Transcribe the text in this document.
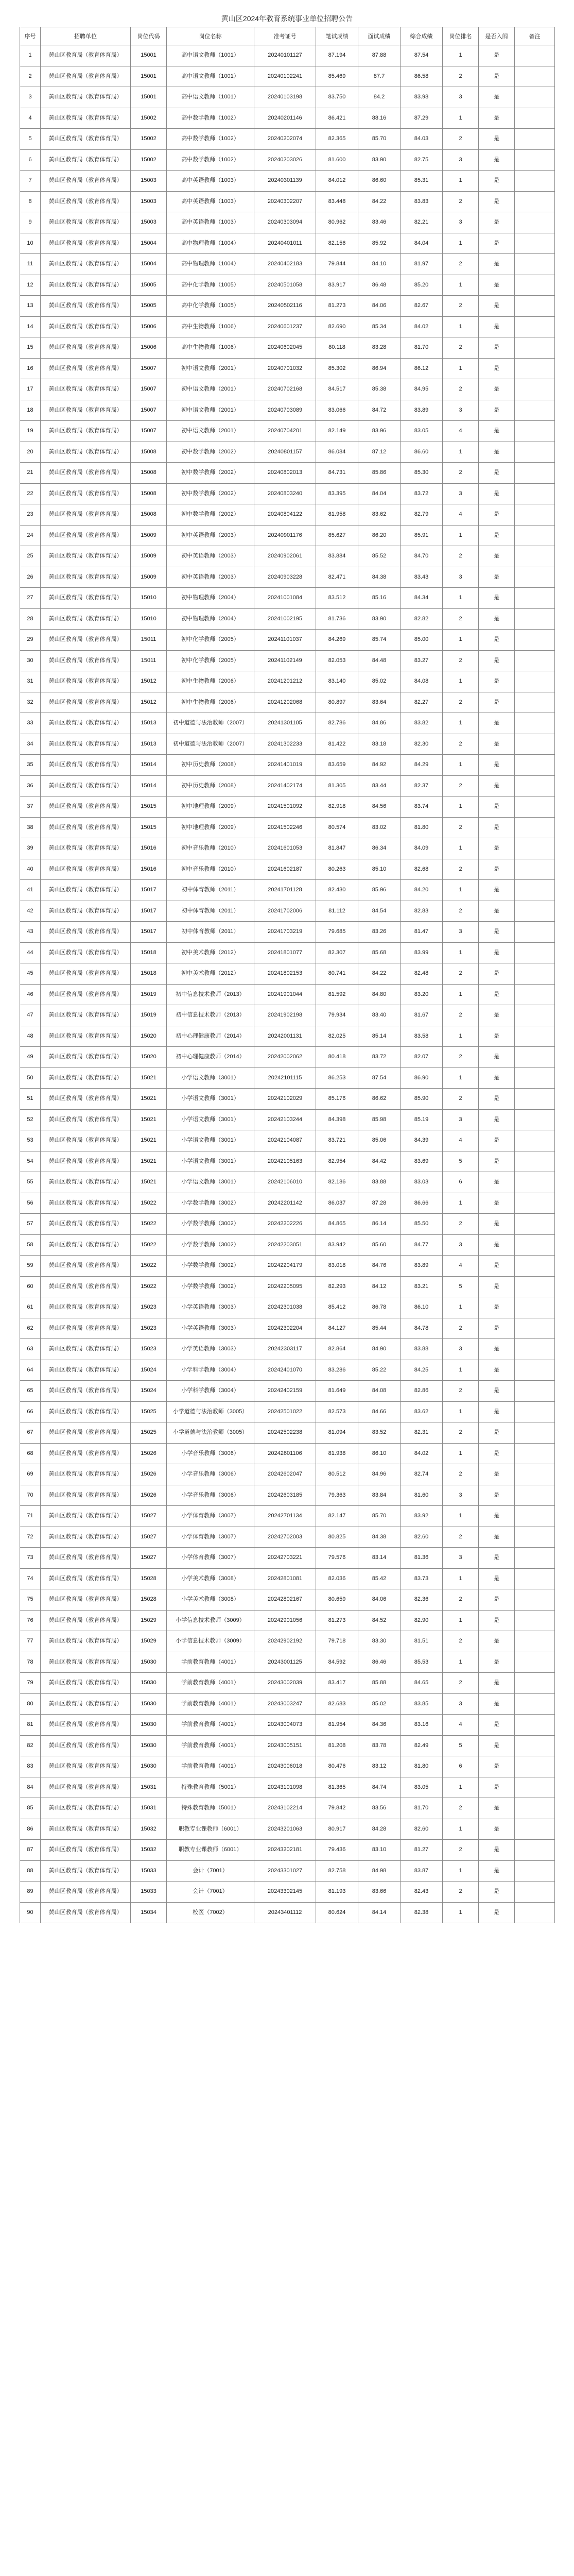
黄山区2024年教育系统事业单位招聘公告
序号	招聘单位	岗位代码	岗位名称	准考证号	笔试成绩	面试成绩	综合成绩	岗位排名	是否入闱	备注
1	黄山区教育局（教育体育局）	15001	高中语文教师（1001）	20240101127	87.194	87.88	87.54	1	是	
2	黄山区教育局（教育体育局）	15001	高中语文教师（1001）	20240102241	85.469	87.7	86.58	2	是	
3	黄山区教育局（教育体育局）	15001	高中语文教师（1001）	20240103198	83.750	84.2	83.98	3	是	
4	黄山区教育局（教育体育局）	15002	高中数学教师（1002）	20240201146	86.421	88.16	87.29	1	是	
5	黄山区教育局（教育体育局）	15002	高中数学教师（1002）	20240202074	82.365	85.70	84.03	2	是	
6	黄山区教育局（教育体育局）	15002	高中数学教师（1002）	20240203026	81.600	83.90	82.75	3	是	
7	黄山区教育局（教育体育局）	15003	高中英语教师（1003）	20240301139	84.012	86.60	85.31	1	是	
8	黄山区教育局（教育体育局）	15003	高中英语教师（1003）	20240302207	83.448	84.22	83.83	2	是	
9	黄山区教育局（教育体育局）	15003	高中英语教师（1003）	20240303094	80.962	83.46	82.21	3	是	
10	黄山区教育局（教育体育局）	15004	高中物理教师（1004）	20240401011	82.156	85.92	84.04	1	是	
11	黄山区教育局（教育体育局）	15004	高中物理教师（1004）	20240402183	79.844	84.10	81.97	2	是	
12	黄山区教育局（教育体育局）	15005	高中化学教师（1005）	20240501058	83.917	86.48	85.20	1	是	
13	黄山区教育局（教育体育局）	15005	高中化学教师（1005）	20240502116	81.273	84.06	82.67	2	是	
14	黄山区教育局（教育体育局）	15006	高中生物教师（1006）	20240601237	82.690	85.34	84.02	1	是	
15	黄山区教育局（教育体育局）	15006	高中生物教师（1006）	20240602045	80.118	83.28	81.70	2	是	
16	黄山区教育局（教育体育局）	15007	初中语文教师（2001）	20240701032	85.302	86.94	86.12	1	是	
17	黄山区教育局（教育体育局）	15007	初中语文教师（2001）	20240702168	84.517	85.38	84.95	2	是	
18	黄山区教育局（教育体育局）	15007	初中语文教师（2001）	20240703089	83.066	84.72	83.89	3	是	
19	黄山区教育局（教育体育局）	15007	初中语文教师（2001）	20240704201	82.149	83.96	83.05	4	是	
20	黄山区教育局（教育体育局）	15008	初中数学教师（2002）	20240801157	86.084	87.12	86.60	1	是	
21	黄山区教育局（教育体育局）	15008	初中数学教师（2002）	20240802013	84.731	85.86	85.30	2	是	
22	黄山区教育局（教育体育局）	15008	初中数学教师（2002）	20240803240	83.395	84.04	83.72	3	是	
23	黄山区教育局（教育体育局）	15008	初中数学教师（2002）	20240804122	81.958	83.62	82.79	4	是	
24	黄山区教育局（教育体育局）	15009	初中英语教师（2003）	20240901176	85.627	86.20	85.91	1	是	
25	黄山区教育局（教育体育局）	15009	初中英语教师（2003）	20240902061	83.884	85.52	84.70	2	是	
26	黄山区教育局（教育体育局）	15009	初中英语教师（2003）	20240903228	82.471	84.38	83.43	3	是	
27	黄山区教育局（教育体育局）	15010	初中物理教师（2004）	20241001084	83.512	85.16	84.34	1	是	
28	黄山区教育局（教育体育局）	15010	初中物理教师（2004）	20241002195	81.736	83.90	82.82	2	是	
29	黄山区教育局（教育体育局）	15011	初中化学教师（2005）	20241101037	84.269	85.74	85.00	1	是	
30	黄山区教育局（教育体育局）	15011	初中化学教师（2005）	20241102149	82.053	84.48	83.27	2	是	
31	黄山区教育局（教育体育局）	15012	初中生物教师（2006）	20241201212	83.140	85.02	84.08	1	是	
32	黄山区教育局（教育体育局）	15012	初中生物教师（2006）	20241202068	80.897	83.64	82.27	2	是	
33	黄山区教育局（教育体育局）	15013	初中道德与法治教师（2007）	20241301105	82.786	84.86	83.82	1	是	
34	黄山区教育局（教育体育局）	15013	初中道德与法治教师（2007）	20241302233	81.422	83.18	82.30	2	是	
35	黄山区教育局（教育体育局）	15014	初中历史教师（2008）	20241401019	83.659	84.92	84.29	1	是	
36	黄山区教育局（教育体育局）	15014	初中历史教师（2008）	20241402174	81.305	83.44	82.37	2	是	
37	黄山区教育局（教育体育局）	15015	初中地理教师（2009）	20241501092	82.918	84.56	83.74	1	是	
38	黄山区教育局（教育体育局）	15015	初中地理教师（2009）	20241502246	80.574	83.02	81.80	2	是	
39	黄山区教育局（教育体育局）	15016	初中音乐教师（2010）	20241601053	81.847	86.34	84.09	1	是	
40	黄山区教育局（教育体育局）	15016	初中音乐教师（2010）	20241602187	80.263	85.10	82.68	2	是	
41	黄山区教育局（教育体育局）	15017	初中体育教师（2011）	20241701128	82.430	85.96	84.20	1	是	
42	黄山区教育局（教育体育局）	15017	初中体育教师（2011）	20241702006	81.112	84.54	82.83	2	是	
43	黄山区教育局（教育体育局）	15017	初中体育教师（2011）	20241703219	79.685	83.26	81.47	3	是	
44	黄山区教育局（教育体育局）	15018	初中美术教师（2012）	20241801077	82.307	85.68	83.99	1	是	
45	黄山区教育局（教育体育局）	15018	初中美术教师（2012）	20241802153	80.741	84.22	82.48	2	是	
46	黄山区教育局（教育体育局）	15019	初中信息技术教师（2013）	20241901044	81.592	84.80	83.20	1	是	
47	黄山区教育局（教育体育局）	15019	初中信息技术教师（2013）	20241902198	79.934	83.40	81.67	2	是	
48	黄山区教育局（教育体育局）	15020	初中心理健康教师（2014）	20242001131	82.025	85.14	83.58	1	是	
49	黄山区教育局（教育体育局）	15020	初中心理健康教师（2014）	20242002062	80.418	83.72	82.07	2	是	
50	黄山区教育局（教育体育局）	15021	小学语文教师（3001）	20242101115	86.253	87.54	86.90	1	是	
51	黄山区教育局（教育体育局）	15021	小学语文教师（3001）	20242102029	85.176	86.62	85.90	2	是	
52	黄山区教育局（教育体育局）	15021	小学语文教师（3001）	20242103244	84.398	85.98	85.19	3	是	
53	黄山区教育局（教育体育局）	15021	小学语文教师（3001）	20242104087	83.721	85.06	84.39	4	是	
54	黄山区教育局（教育体育局）	15021	小学语文教师（3001）	20242105163	82.954	84.42	83.69	5	是	
55	黄山区教育局（教育体育局）	15021	小学语文教师（3001）	20242106010	82.186	83.88	83.03	6	是	
56	黄山区教育局（教育体育局）	15022	小学数学教师（3002）	20242201142	86.037	87.28	86.66	1	是	
57	黄山区教育局（教育体育局）	15022	小学数学教师（3002）	20242202226	84.865	86.14	85.50	2	是	
58	黄山区教育局（教育体育局）	15022	小学数学教师（3002）	20242203051	83.942	85.60	84.77	3	是	
59	黄山区教育局（教育体育局）	15022	小学数学教师（3002）	20242204179	83.018	84.76	83.89	4	是	
60	黄山区教育局（教育体育局）	15022	小学数学教师（3002）	20242205095	82.293	84.12	83.21	5	是	
61	黄山区教育局（教育体育局）	15023	小学英语教师（3003）	20242301038	85.412	86.78	86.10	1	是	
62	黄山区教育局（教育体育局）	15023	小学英语教师（3003）	20242302204	84.127	85.44	84.78	2	是	
63	黄山区教育局（教育体育局）	15023	小学英语教师（3003）	20242303117	82.864	84.90	83.88	3	是	
64	黄山区教育局（教育体育局）	15024	小学科学教师（3004）	20242401070	83.286	85.22	84.25	1	是	
65	黄山区教育局（教育体育局）	15024	小学科学教师（3004）	20242402159	81.649	84.08	82.86	2	是	
66	黄山区教育局（教育体育局）	15025	小学道德与法治教师（3005）	20242501022	82.573	84.66	83.62	1	是	
67	黄山区教育局（教育体育局）	15025	小学道德与法治教师（3005）	20242502238	81.094	83.52	82.31	2	是	
68	黄山区教育局（教育体育局）	15026	小学音乐教师（3006）	20242601106	81.938	86.10	84.02	1	是	
69	黄山区教育局（教育体育局）	15026	小学音乐教师（3006）	20242602047	80.512	84.96	82.74	2	是	
70	黄山区教育局（教育体育局）	15026	小学音乐教师（3006）	20242603185	79.363	83.84	81.60	3	是	
71	黄山区教育局（教育体育局）	15027	小学体育教师（3007）	20242701134	82.147	85.70	83.92	1	是	
72	黄山区教育局（教育体育局）	15027	小学体育教师（3007）	20242702003	80.825	84.38	82.60	2	是	
73	黄山区教育局（教育体育局）	15027	小学体育教师（3007）	20242703221	79.576	83.14	81.36	3	是	
74	黄山区教育局（教育体育局）	15028	小学美术教师（3008）	20242801081	82.036	85.42	83.73	1	是	
75	黄山区教育局（教育体育局）	15028	小学美术教师（3008）	20242802167	80.659	84.06	82.36	2	是	
76	黄山区教育局（教育体育局）	15029	小学信息技术教师（3009）	20242901056	81.273	84.52	82.90	1	是	
77	黄山区教育局（教育体育局）	15029	小学信息技术教师（3009）	20242902192	79.718	83.30	81.51	2	是	
78	黄山区教育局（教育体育局）	15030	学前教育教师（4001）	20243001125	84.592	86.46	85.53	1	是	
79	黄山区教育局（教育体育局）	15030	学前教育教师（4001）	20243002039	83.417	85.88	84.65	2	是	
80	黄山区教育局（教育体育局）	15030	学前教育教师（4001）	20243003247	82.683	85.02	83.85	3	是	
81	黄山区教育局（教育体育局）	15030	学前教育教师（4001）	20243004073	81.954	84.36	83.16	4	是	
82	黄山区教育局（教育体育局）	15030	学前教育教师（4001）	20243005151	81.208	83.78	82.49	5	是	
83	黄山区教育局（教育体育局）	15030	学前教育教师（4001）	20243006018	80.476	83.12	81.80	6	是	
84	黄山区教育局（教育体育局）	15031	特殊教育教师（5001）	20243101098	81.365	84.74	83.05	1	是	
85	黄山区教育局（教育体育局）	15031	特殊教育教师（5001）	20243102214	79.842	83.56	81.70	2	是	
86	黄山区教育局（教育体育局）	15032	职教专业课教师（6001）	20243201063	80.917	84.28	82.60	1	是	
87	黄山区教育局（教育体育局）	15032	职教专业课教师（6001）	20243202181	79.436	83.10	81.27	2	是	
88	黄山区教育局（教育体育局）	15033	会计（7001）	20243301027	82.758	84.98	83.87	1	是	
89	黄山区教育局（教育体育局）	15033	会计（7001）	20243302145	81.193	83.66	82.43	2	是	
90	黄山区教育局（教育体育局）	15034	校医（7002）	20243401112	80.624	84.14	82.38	1	是	
